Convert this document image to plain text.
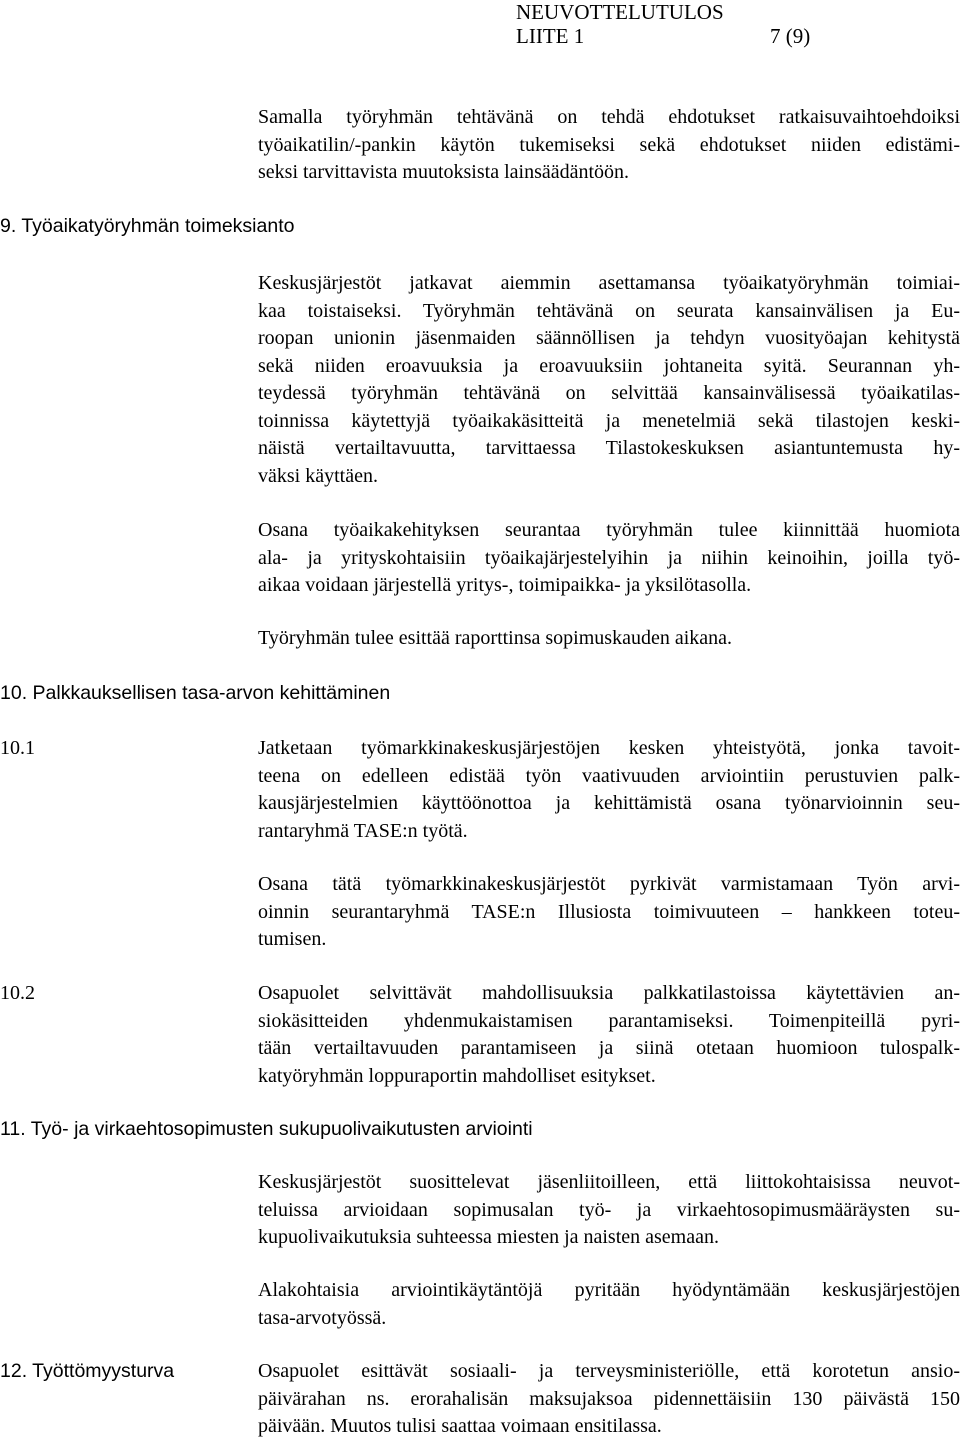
NEUVOTTELUTULOS
LIITE 1	7 (9)
Samalla työryhmän tehtävänä on tehdä ehdotukset ratkaisuvaihtoehdoiksi
työaikatilin/-pankin käytön tukemiseksi sekä ehdotukset niiden edistämi-
seksi tarvittavista muutoksista lainsäädäntöön.
9. Työaikatyöryhmän toimeksianto
Keskusjärjestöt jatkavat aiemmin asettamansa työaikatyöryhmän toimiai-
kaa toistaiseksi. Työryhmän tehtävänä on seurata kansainvälisen ja Eu-
roopan unionin jäsenmaiden säännöllisen ja tehdyn vuosityöajan kehitystä
sekä niiden eroavuuksia ja eroavuuksiin johtaneita syitä. Seurannan yh-
teydessä työryhmän tehtävänä on selvittää kansainvälisessä työaikatilas-
toinnissa käytettyjä työaikakäsitteitä ja menetelmiä sekä tilastojen keski-
näistä vertailtavuutta, tarvittaessa Tilastokeskuksen asiantuntemusta hy-
väksi käyttäen.
Osana työaikakehityksen seurantaa työryhmän tulee kiinnittää huomiota
ala- ja yrityskohtaisiin työaikajärjestelyihin ja niihin keinoihin, joilla työ-
aikaa voidaan järjestellä yritys-, toimipaikka- ja yksilötasolla.
Työryhmän tulee esittää raporttinsa sopimuskauden aikana.
10. Palkkauksellisen tasa-arvon kehittäminen
10.1	Jatketaan työmarkkinakeskusjärjestöjen kesken yhteistyötä, jonka tavoit-
teena on edelleen edistää työn vaativuuden arviointiin perustuvien palk-
kausjärjestelmien käyttöönottoa ja kehittämistä osana työnarvioinnin seu-
rantaryhmä TASE:n työtä.
Osana tätä työmarkkinakeskusjärjestöt pyrkivät varmistamaan Työn arvi-
oinnin seurantaryhmä TASE:n Illusiosta toimivuuteen – hankkeen toteu-
tumisen.
10.2	Osapuolet selvittävät mahdollisuuksia palkkatilastoissa käytettävien an-
siokäsitteiden yhdenmukaistamisen parantamiseksi. Toimenpiteillä pyri-
tään vertailtavuuden parantamiseen ja siinä otetaan huomioon tulospalk-
katyöryhmän loppuraportin mahdolliset esitykset.
11. Työ- ja virkaehtosopimusten sukupuolivaikutusten arviointi
Keskusjärjestöt suosittelevat jäsenliitoilleen, että liittokohtaisissa neuvot-
teluissa arvioidaan sopimusalan työ- ja virkaehtosopimusmääräysten su-
kupuolivaikutuksia suhteessa miesten ja naisten asemaan.
Alakohtaisia arviointikäytäntöjä pyritään hyödyntämään keskusjärjestöjen
tasa-arvotyössä.
12. Työttömyysturva	Osapuolet esittävät sosiaali- ja terveysministeriölle, että korotetun ansio-
päivärahan ns. erorahalisän maksujaksoa pidennettäisiin 130 päivästä 150
päivään. Muutos tulisi saattaa voimaan ensitilassa.
